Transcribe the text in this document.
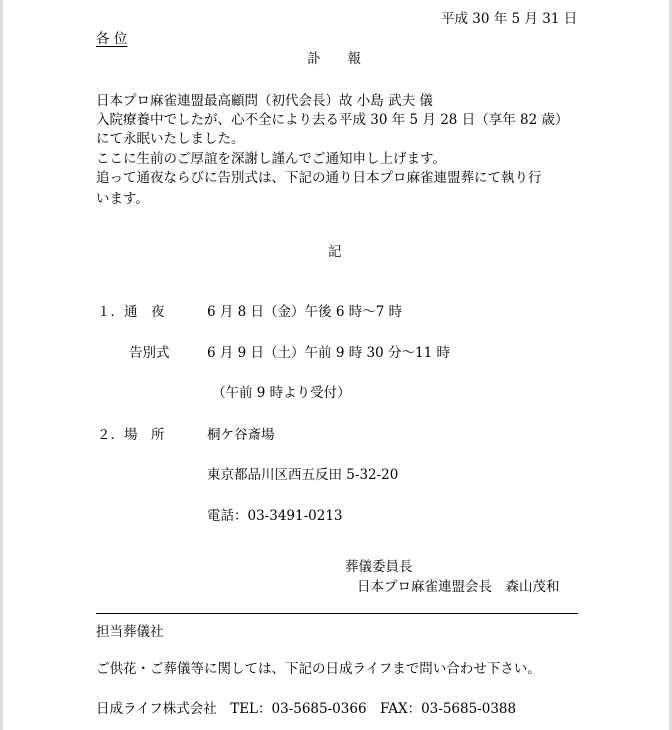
平成 30 年 5 月 31 日
各 位
訃　　報
日本プロ麻雀連盟最高顧問（初代会長）故 小島 武夫 儀
入院療養中でしたが、心不全により去る平成 30 年 5 月 28 日（享年 82 歳）
にて永眠いたしました。
ここに生前のご厚誼を深謝し謹んでご通知申し上げます。
追って通夜ならびに告別式は、下記の通り日本プロ麻雀連盟葬にて執り行
います。
記
１．通　夜	6 月 8 日（金）午後 6 時〜7 時
告別式	6 月 9 日（土）午前 9 時 30 分〜11 時
（午前 9 時より受付）
２．場　所	桐ケ谷斎場
東京都品川区西五反田 5-32-20
電話：03-3491-0213
葬儀委員長
日本プロ麻雀連盟会長　森山茂和
担当葬儀社
ご供花・ご葬儀等に関しては、下記の日成ライフまで問い合わせ下さい。
日成ライフ株式会社　TEL：03-5685-0366　FAX：03-5685-0388
